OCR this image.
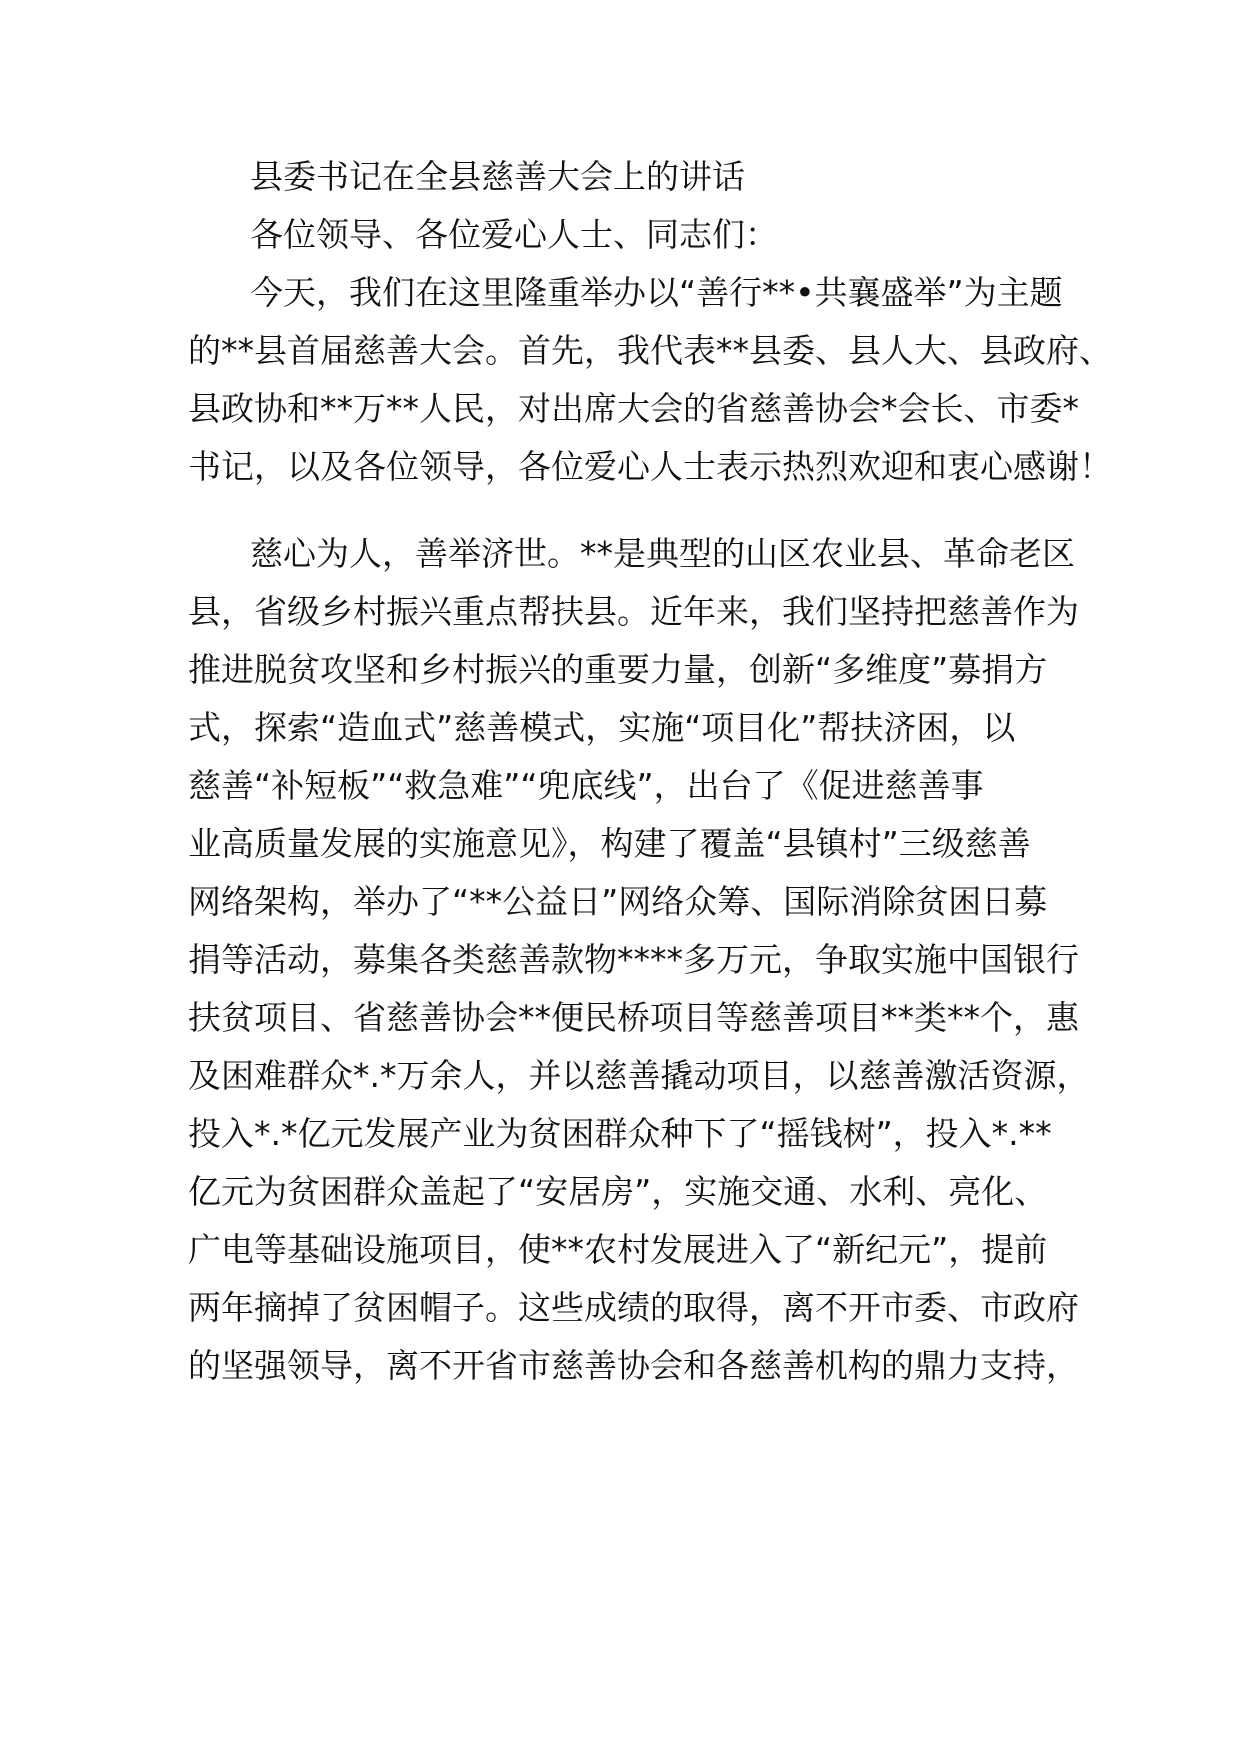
县委书记在全县慈善大会上的讲话
各位领导、各位爱心人士、同志们：
今天，我们在这里隆重举办以“善行**•共襄盛举”为主题
的**县首届慈善大会。首先，我代表**县委、县人大、县政府、
县政协和**万**人民，对出席大会的省慈善协会*会长、市委*
书记，以及各位领导，各位爱心人士表示热烈欢迎和衷心感谢！
慈心为人，善举济世。**是典型的山区农业县、革命老区
县，省级乡村振兴重点帮扶县。近年来，我们坚持把慈善作为
推进脱贫攻坚和乡村振兴的重要力量，创新“多维度”募捐方
式，探索“造血式”慈善模式，实施“项目化”帮扶济困，以
慈善“补短板”“救急难”“兜底线”，出台了《促进慈善事
业高质量发展的实施意见》，构建了覆盖“县镇村”三级慈善
网络架构，举办了“**公益日”网络众筹、国际消除贫困日募
捐等活动，募集各类慈善款物****多万元，争取实施中国银行
扶贫项目、省慈善协会**便民桥项目等慈善项目**类**个，惠
及困难群众*.*万余人，并以慈善撬动项目，以慈善激活资源，
投入*.*亿元发展产业为贫困群众种下了“摇钱树”，投入*.**
亿元为贫困群众盖起了“安居房”，实施交通、水利、亮化、
广电等基础设施项目，使**农村发展进入了“新纪元”，提前
两年摘掉了贫困帽子。这些成绩的取得，离不开市委、市政府
的坚强领导，离不开省市慈善协会和各慈善机构的鼎力支持，
